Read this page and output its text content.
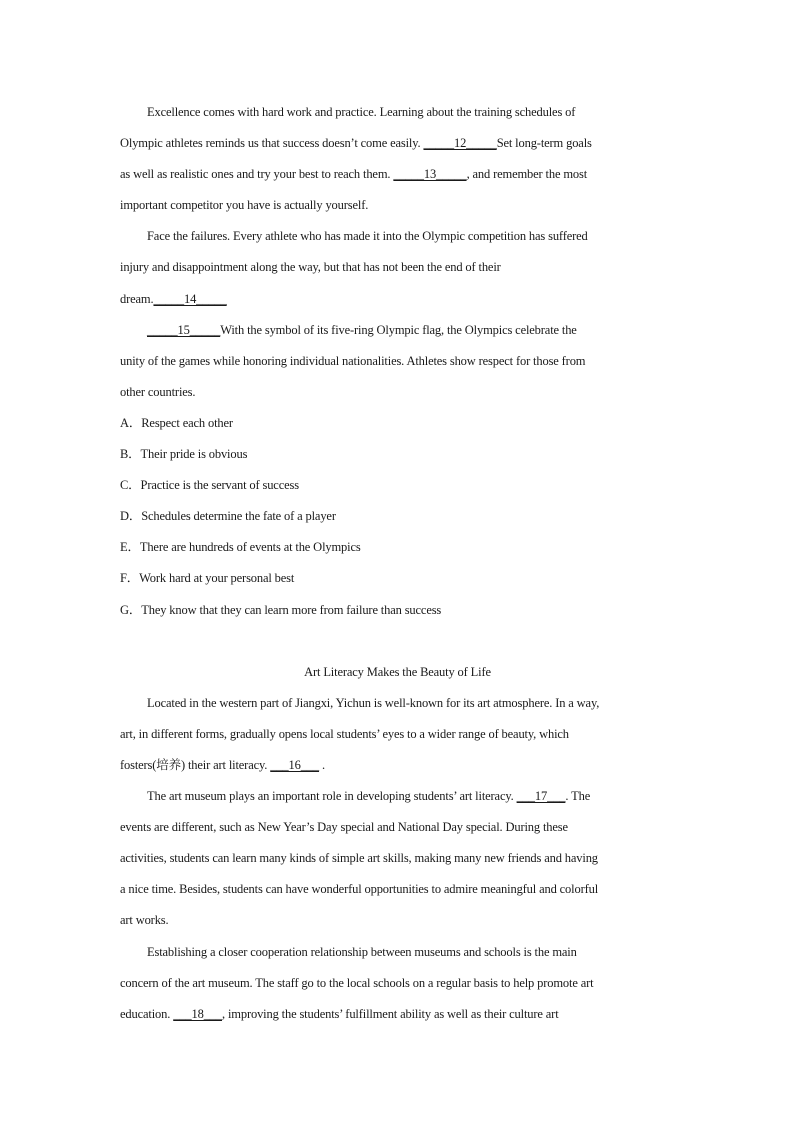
Excellence comes with hard work and practice. Learning about the training schedules of
Olympic athletes reminds us that success doesn’t come easily. _____12_____Set long-term goals
as well as realistic ones and try your best to reach them. _____13_____, and remember the most
important competitor you have is actually yourself.
Face the failures. Every athlete who has made it into the Olympic competition has suffered
injury and disappointment along the way, but that has not been the end of their
dream._____14_____
_____15_____With the symbol of its five-ring Olympic flag, the Olympics celebrate the
unity of the games while honoring individual nationalities. Athletes show respect for those from
other countries.
A．Respect each other
B．Their pride is obvious
C．Practice is the servant of success
D．Schedules determine the fate of a player
E．There are hundreds of events at the Olympics
F．Work hard at your personal best
G．They know that they can learn more from failure than success
Art Literacy Makes the Beauty of Life
Located in the western part of Jiangxi, Yichun is well-known for its art atmosphere. In a way,
art, in different forms, gradually opens local students’ eyes to a wider range of beauty, which
fosters(培养) their art literacy. ___16___ .
The art museum plays an important role in developing students’ art literacy. ___17___. The
events are different, such as New Year’s Day special and National Day special. During these
activities, students can learn many kinds of simple art skills, making many new friends and having
a nice time. Besides, students can have wonderful opportunities to admire meaningful and colorful
art works.
Establishing a closer cooperation relationship between museums and schools is the main
concern of the art museum. The staff go to the local schools on a regular basis to help promote art
education. ___18___, improving the students’ fulfillment ability as well as their culture art
